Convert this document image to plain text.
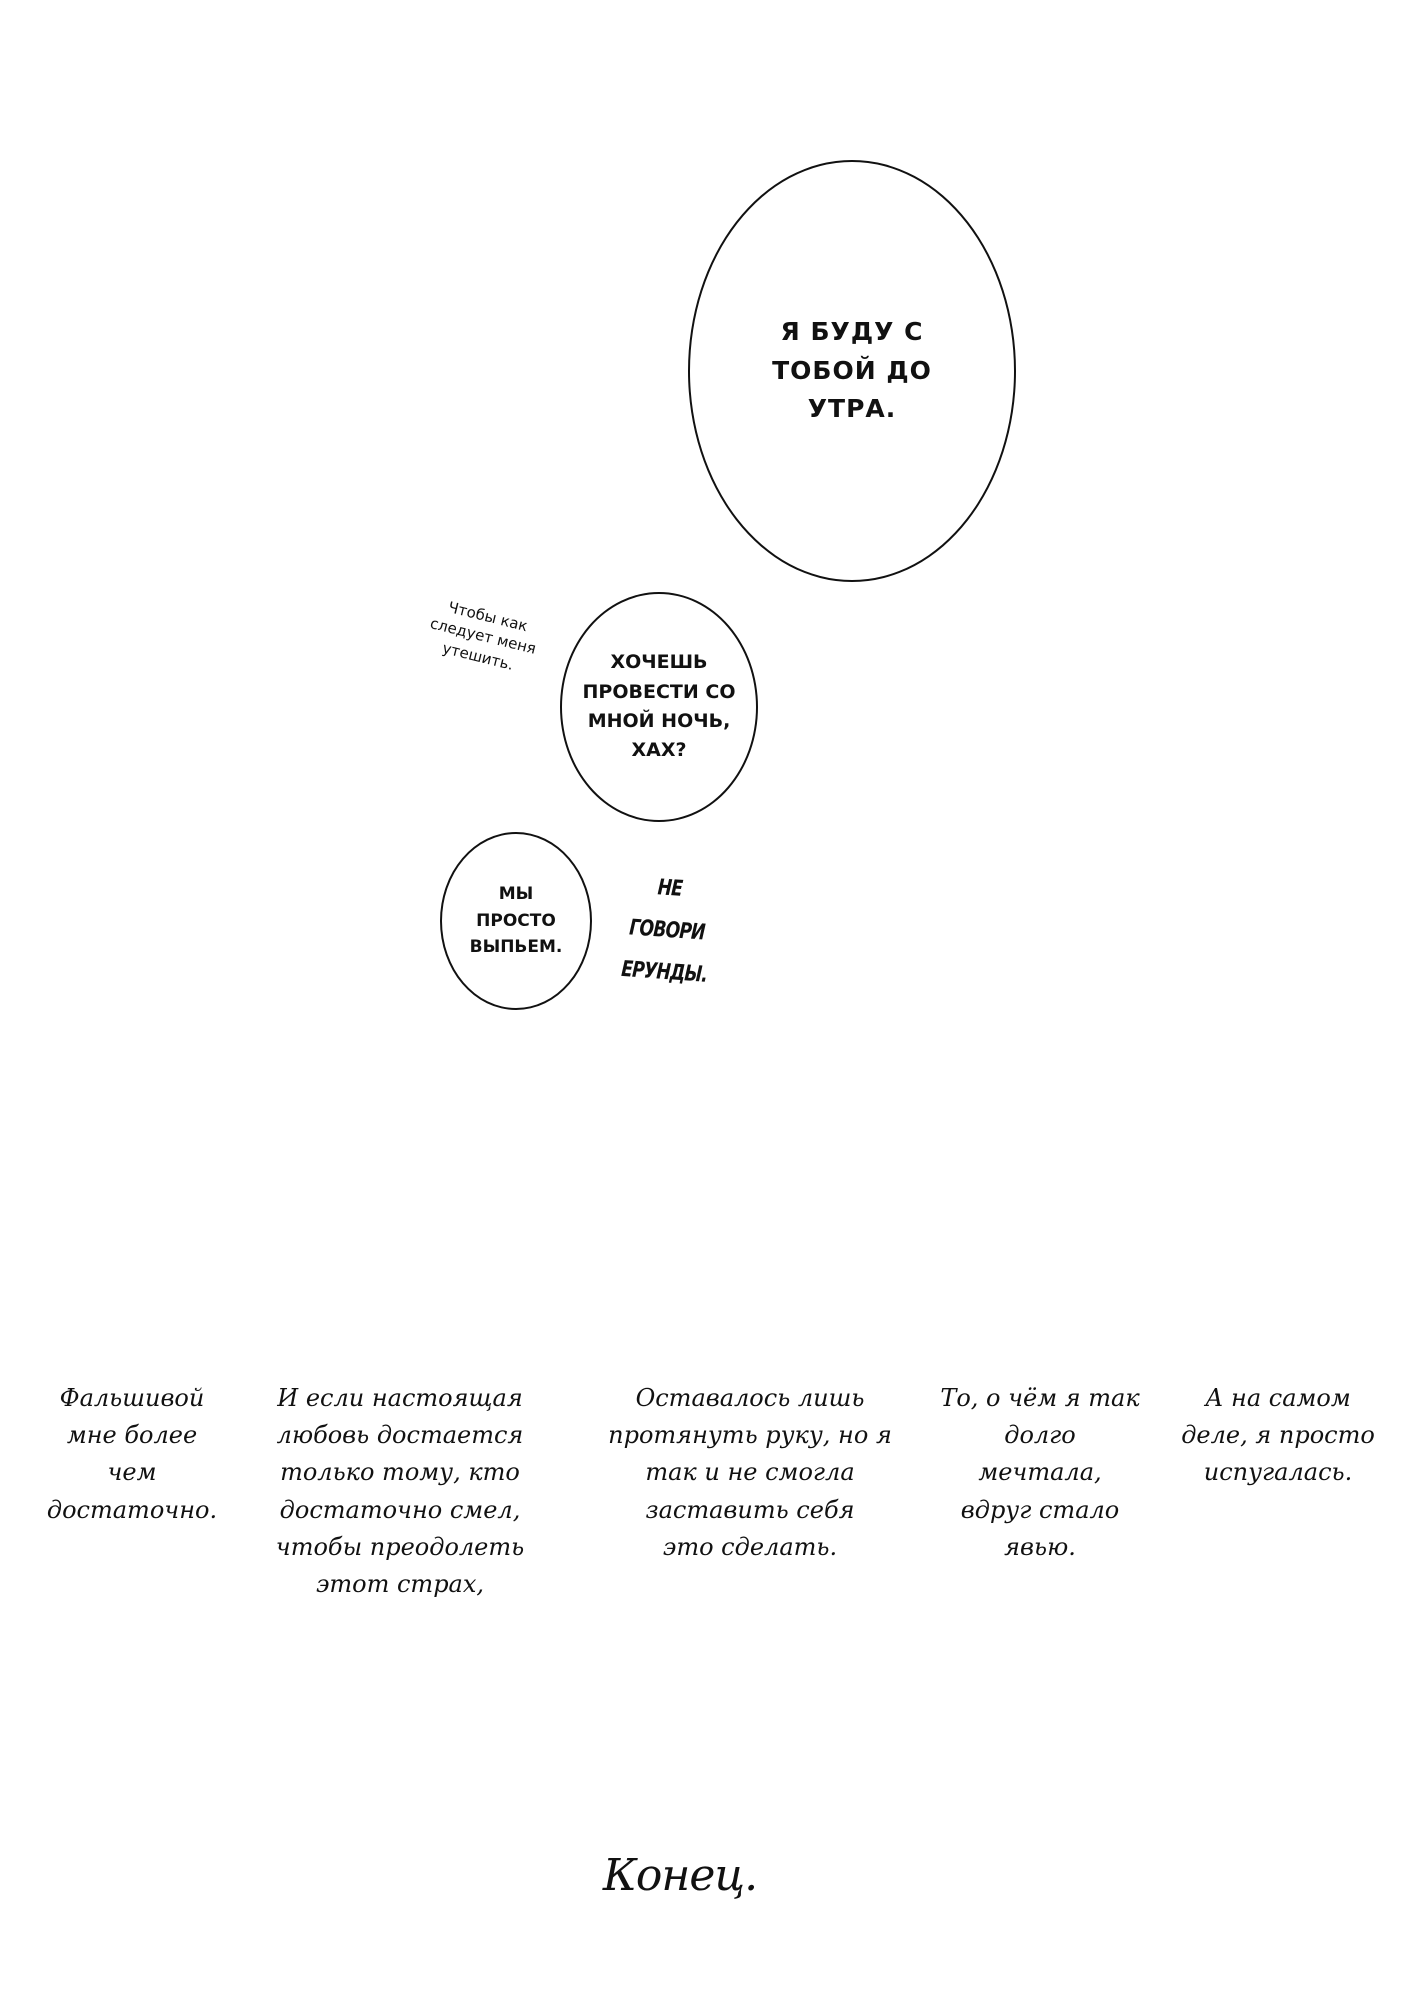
Я БУДУ С
ТОБОЙ ДО
УТРА.
Чтобы как
следует меня
утешить.	ХОЧЕШЬ
ПРОВЕСТИ СО
МНОЙ НОЧЬ,
ХАХ?
МЫ
ПРОСТО
ВЫПЬЕМ.
НЕ ГОВОРИ
ЕРУНДЫ.
Фальшивой
мне более чем
достаточно.
И если настоящая
любовь достается
только тому, кто
достаточно смел,
чтобы преодолеть
этот страх,
Оставалось лишь
протянуть руку, но я
так и не смогла
заставить себя
это сделать.
То, о чём я так
долго мечтала,
вдруг стало
явью.
А на самом
деле, я просто
испугалась.
Конец.
